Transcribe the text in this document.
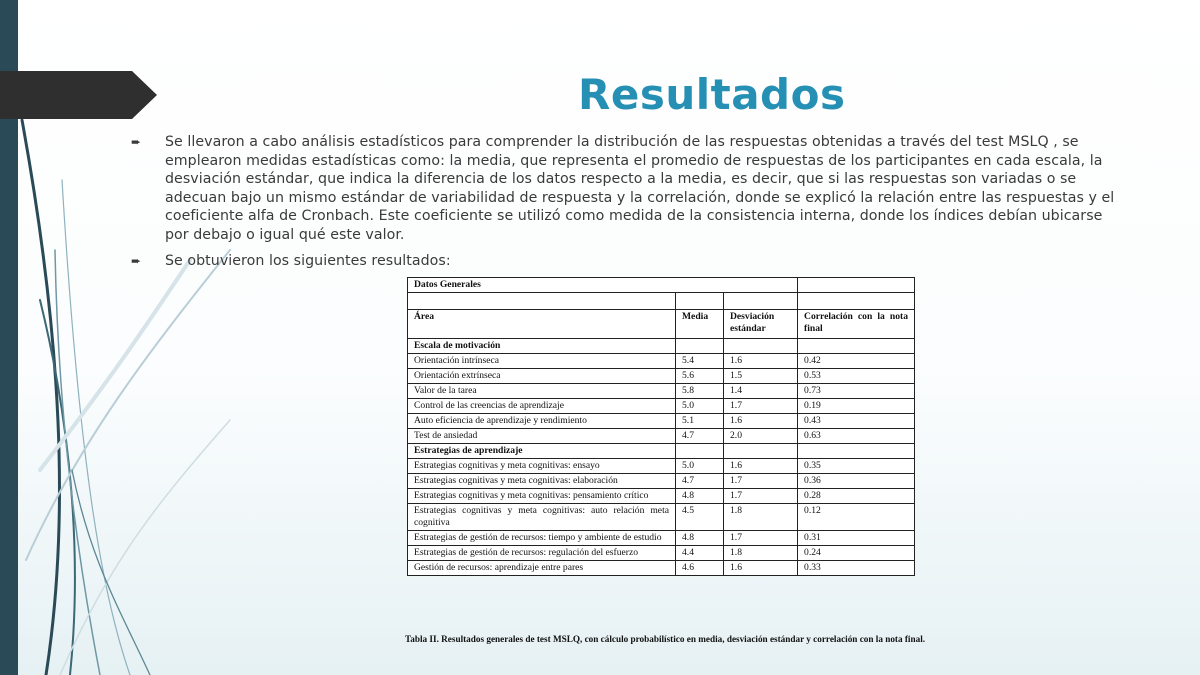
Resultados
➨	Se llevaron a cabo análisis estadísticos para comprender la distribución de las respuestas obtenidas a través del test MSLQ , se emplearon medidas estadísticas como: la media, que representa el promedio de respuestas de los participantes en cada escala, la desviación estándar, que indica la diferencia de los datos respecto a la media, es decir, que si las respuestas son variadas o se adecuan bajo un mismo estándar de variabilidad de respuesta y la correlación, donde se explicó la relación entre las respuestas y el coeficiente alfa de Cronbach. Este coeficiente se utilizó como medida de la consistencia interna, donde los índices debían ubicarse por debajo o igual qué este valor.
➨	Se obtuvieron los siguientes resultados:
Datos Generales			

Área	Media	Desviación estándar	Correlación con la nota final
Escala de motivación			
Orientación intrínseca	5.4	1.6	0.42
Orientación extrínseca	5.6	1.5	0.53
Valor de la tarea	5.8	1.4	0.73
Control de las creencias de aprendizaje	5.0	1.7	0.19
Auto eficiencia de aprendizaje y rendimiento	5.1	1.6	0.43
Test de ansiedad	4.7	2.0	0.63
Estrategias de aprendizaje			
Estrategias cognitivas y meta cognitivas: ensayo	5.0	1.6	0.35
Estrategias cognitivas y meta cognitivas: elaboración	4.7	1.7	0.36
Estrategias cognitivas y meta cognitivas: pensamiento crítico	4.8	1.7	0.28
Estrategias cognitivas y meta cognitivas: auto relación meta cognitiva	4.5	1.8	0.12
Estrategias de gestión de recursos: tiempo y ambiente de estudio	4.8	1.7	0.31
Estrategias de gestión de recursos: regulación del esfuerzo	4.4	1.8	0.24
Gestión de recursos: aprendizaje entre pares	4.6	1.6	0.33
Tabla II. Resultados generales de test MSLQ, con cálculo probabilístico en media, desviación estándar y correlación con la nota final.
